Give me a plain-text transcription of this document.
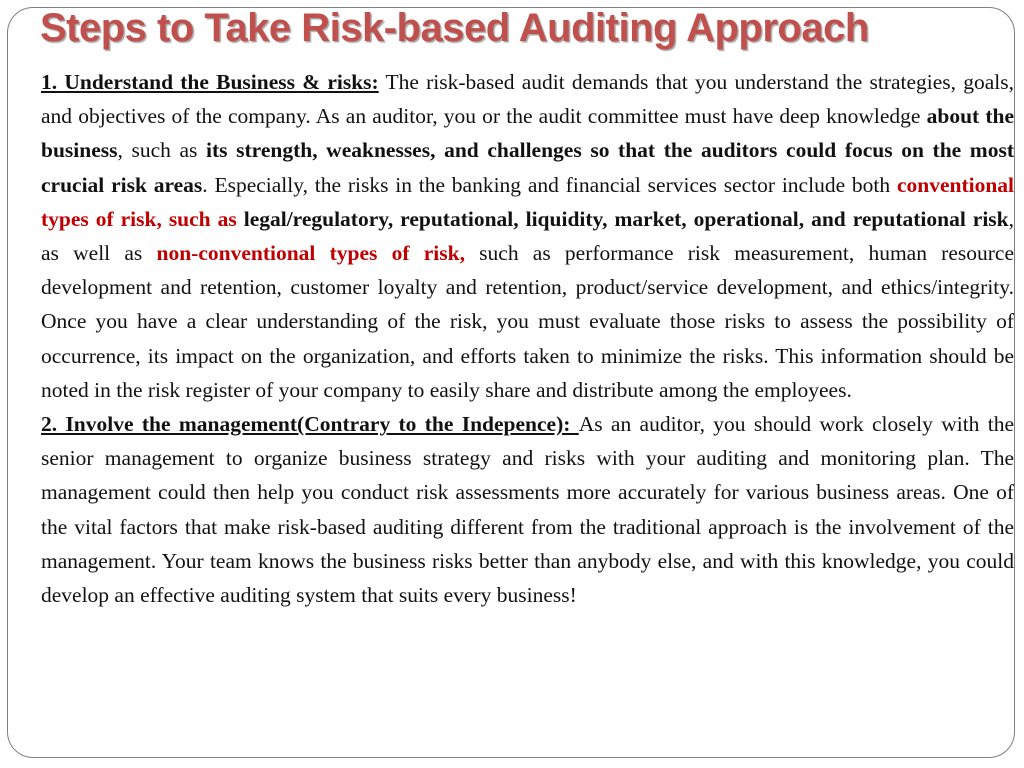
Steps to Take Risk-based Auditing Approach

1. Understand the Business & risks: The risk-based audit demands that you understand the strategies, goals, and objectives of the company. As an auditor, you or the audit committee must have deep knowledge about the business, such as its strength, weaknesses, and challenges so that the auditors could focus on the most crucial risk areas. Especially, the risks in the banking and financial services sector include both conventional types of risk, such as legal/regulatory, reputational, liquidity, market, operational, and reputational risk, as well as non-conventional types of risk, such as performance risk measurement, human resource development and retention, customer loyalty and retention, product/service development, and ethics/integrity. Once you have a clear understanding of the risk, you must evaluate those risks to assess the possibility of occurrence, its impact on the organization, and efforts taken to minimize the risks. This information should be noted in the risk register of your company to easily share and distribute among the employees.

2. Involve the management(Contrary to the Indepence): As an auditor, you should work closely with the senior management to organize business strategy and risks with your auditing and monitoring plan. The management could then help you conduct risk assessments more accurately for various business areas. One of the vital factors that make risk-based auditing different from the traditional approach is the involvement of the management. Your team knows the business risks better than anybody else, and with this knowledge, you could develop an effective auditing system that suits every business!
